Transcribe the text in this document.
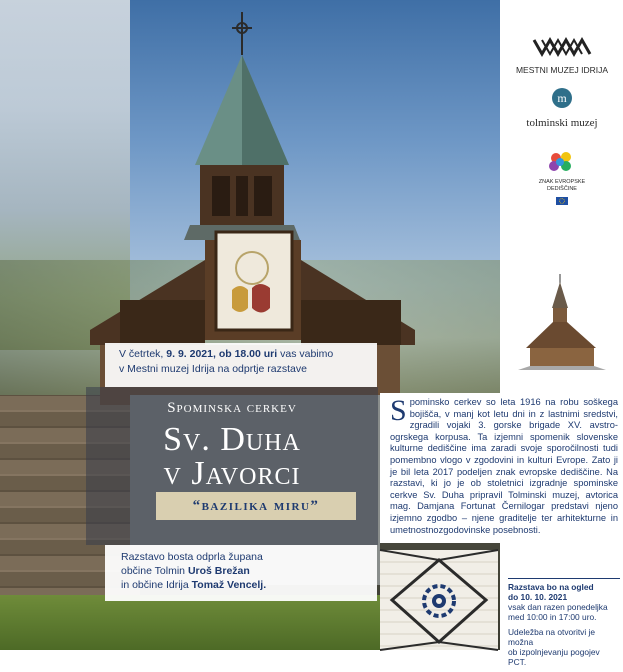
MESTNI MUZEJ IDRIJA
m
tolminski muzej
ZNAK EVROPSKE
DEDIŠČINE
V četrtek, 9. 9. 2021, ob 18.00 uri vas vabimo
v Mestni muzej Idrija na odprtje razstave
Spominska cerkev
Sv. Duha
v Javorci
“bazilika miru”
Razstavo bosta odprla župana
občine Tolmin Uroš Brežan
in občine Idrija Tomaž Vencelj.
Spominsko cerkev so leta 1916 na robu soškega bojišča, v manj kot letu dni in z lastnimi sredstvi, zgradili vojaki 3. gorske brigade XV. avstro-ogrskega korpusa. Ta izjemni spomenik slovenske kulturne dediščine ima zaradi svoje sporočilnosti tudi pomembno vlogo v zgodovini in kulturi Evrope. Zato ji je bil leta 2017 podeljen znak evropske dediščine. Na razstavi, ki jo je ob stoletnici izgradnje spominske cerkve Sv. Duha pripravil Tolminski muzej, avtorica mag. Damjana Fortunat Černilogar predstavi njeno izjemno zgodbo – njene graditelje ter arhitekturne in umetnostnozgodovinske posebnosti.

Razstava bo na ogled
do 10. 10. 2021
vsak dan razen ponedeljka
med 10:00 in 17:00 uro.

Udeležba na otvoritvi je možna
ob izpolnjevanju pogojev PCT.
